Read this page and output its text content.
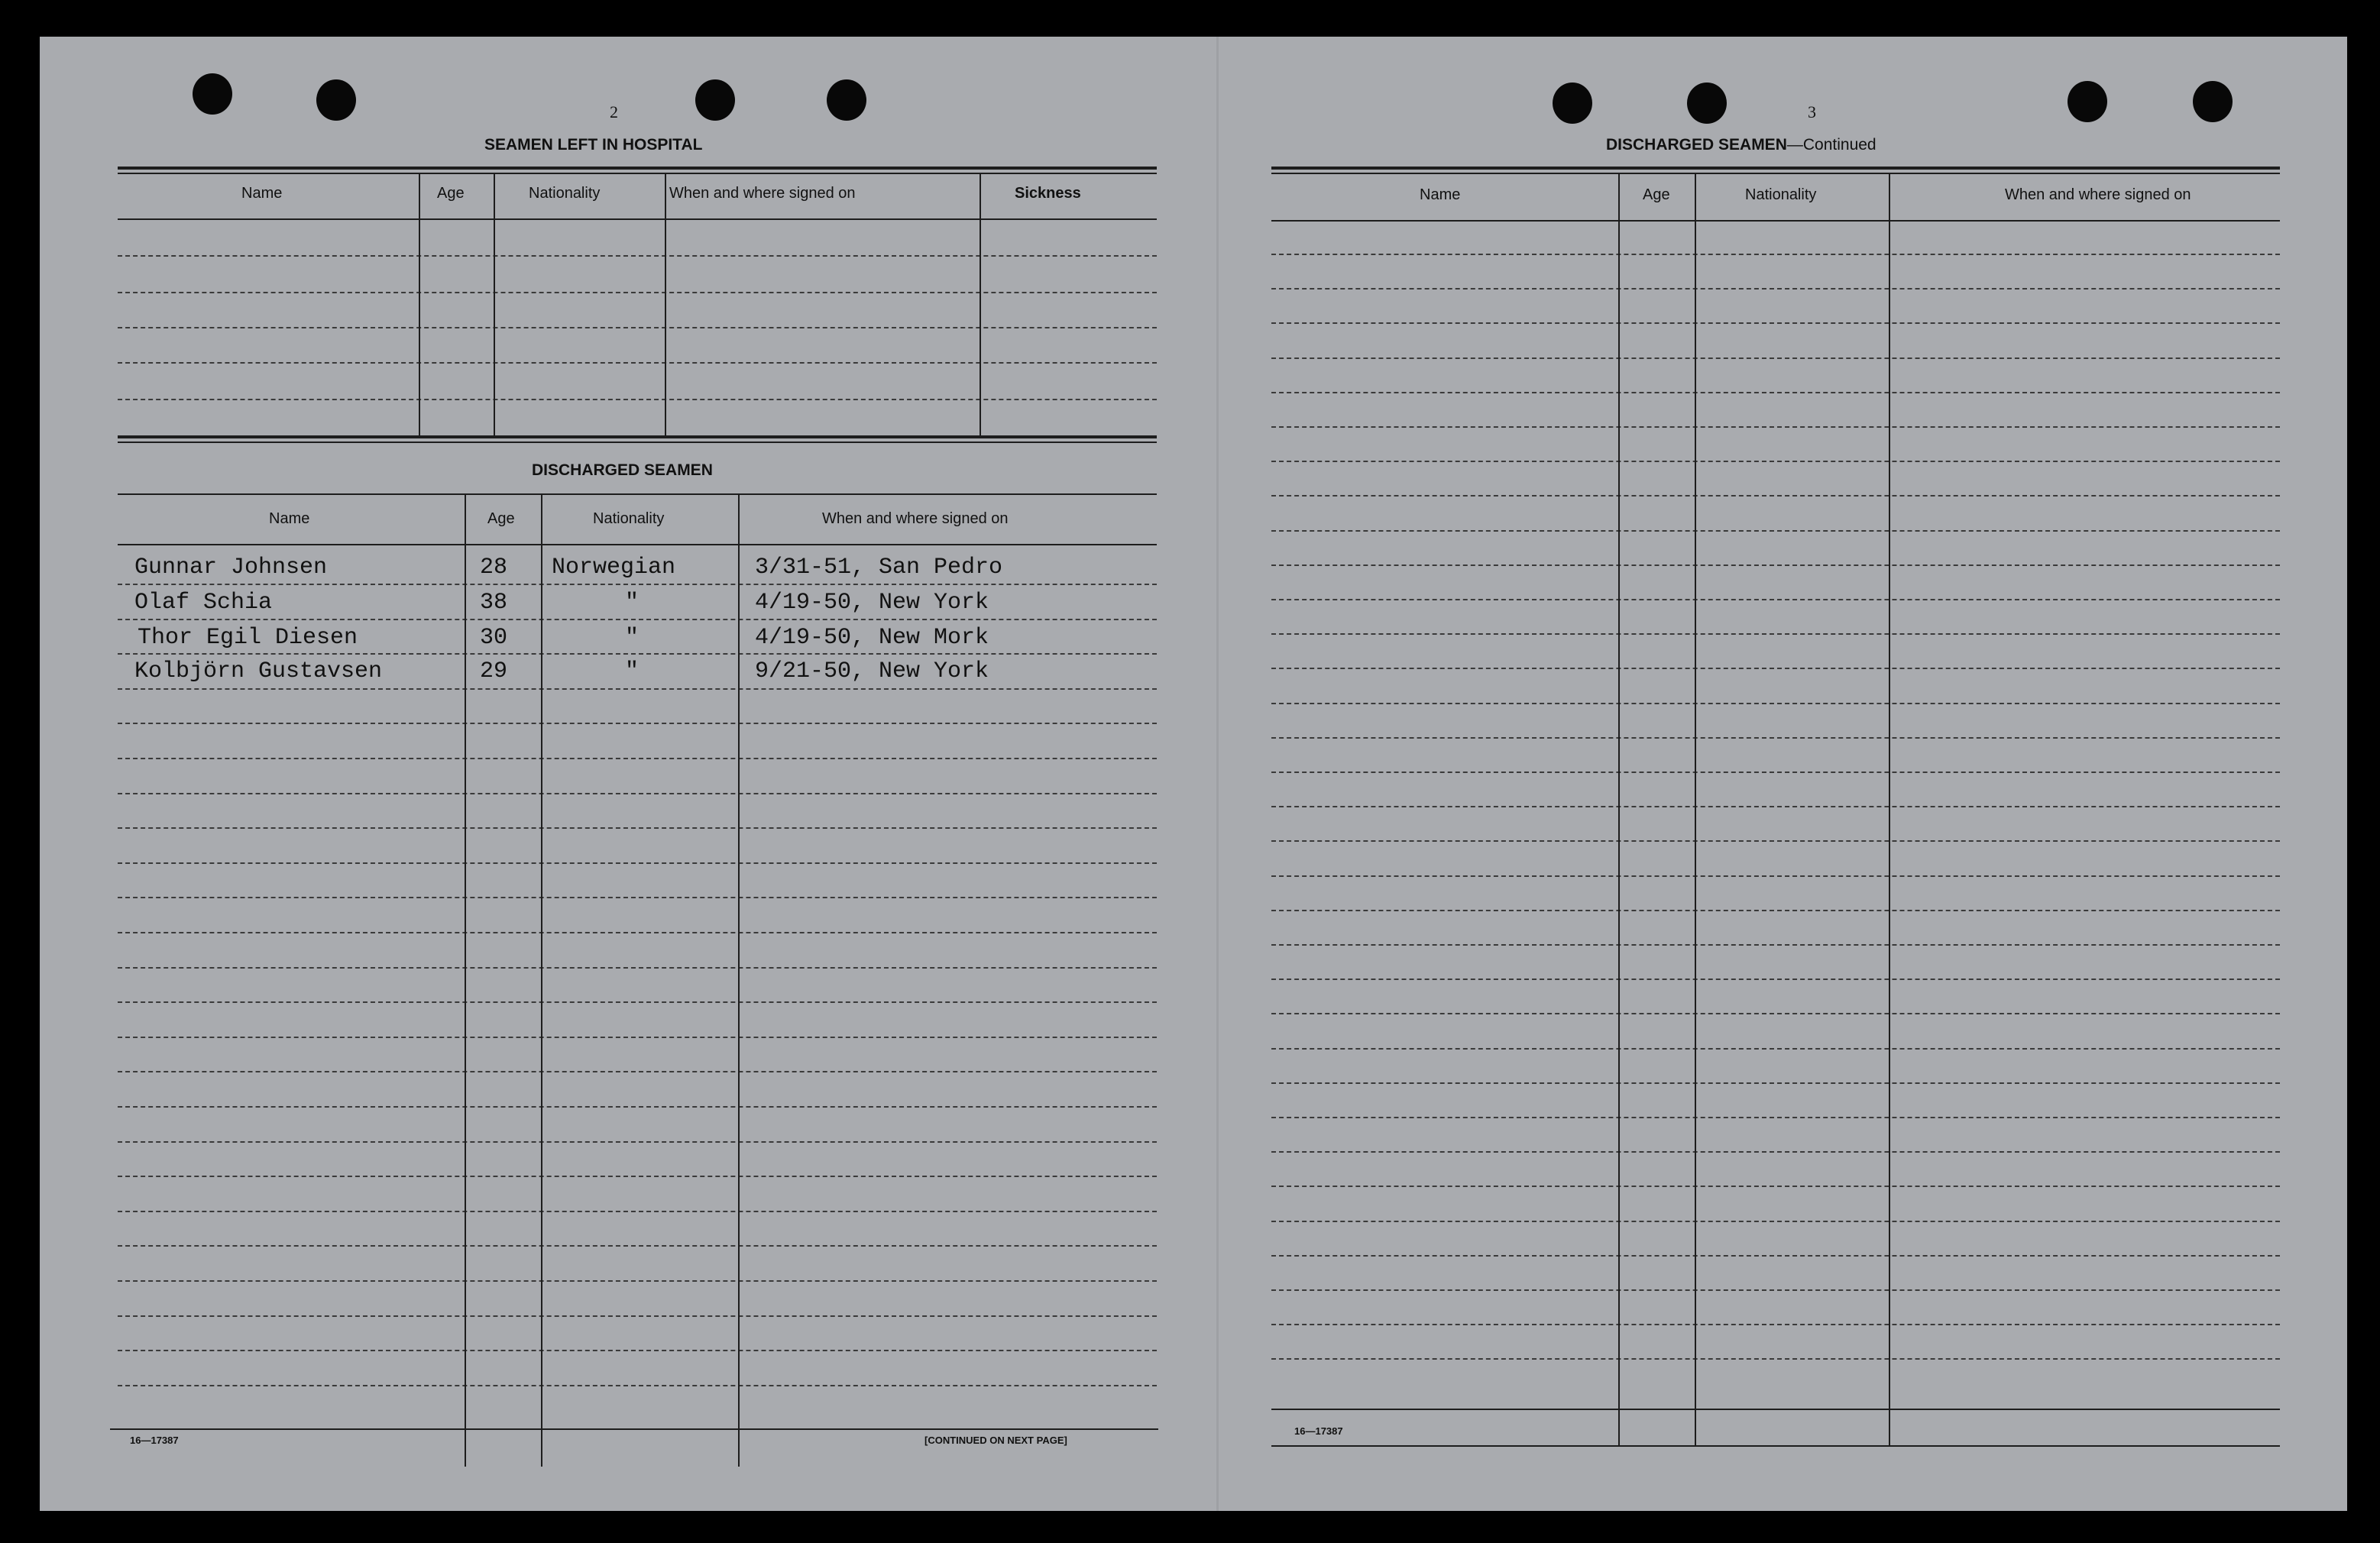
2
SEAMEN LEFT IN HOSPITAL
Name	Age	Nationality	When and where signed on	Sickness
DISCHARGED SEAMEN
Name	Age	Nationality	When and where signed on
Gunnar Johnsen	28 Norwegian	3/31-51, San Pedro
Olaf Schia	38	"	4/19-50, New York
Thor Egil Diesen	30	"	4/19-50, New Mork
Kolbjörn Gustavsen	29	"	9/21-50, New York
16—17387	[CONTINUED ON NEXT PAGE]
3
DISCHARGED SEAMEN—Continued
Name	Age	Nationality	When and where signed on
16—17387
